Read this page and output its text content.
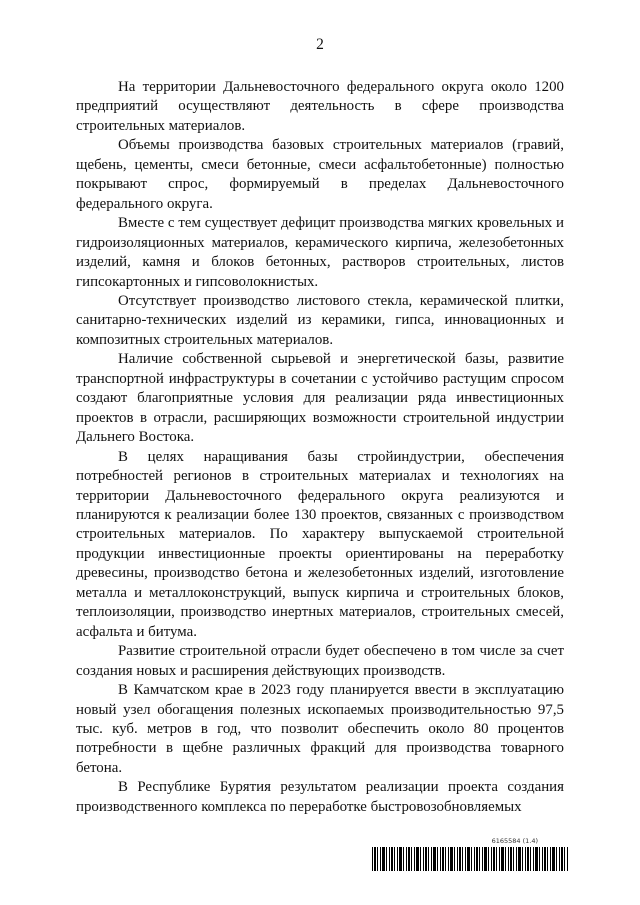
2

На территории Дальневосточного федерального округа около 1200 предприятий осуществляют деятельность в сфере производства строительных материалов.

Объемы производства базовых строительных материалов (гравий, щебень, цементы, смеси бетонные, смеси асфальтобетонные) полностью покрывают спрос, формируемый в пределах Дальневосточного федерального округа.

Вместе с тем существует дефицит производства мягких кровельных и гидроизоляционных материалов, керамического кирпича, железобетонных изделий, камня и блоков бетонных, растворов строительных, листов гипсокартонных и гипсоволокнистых.

Отсутствует производство листового стекла, керамической плитки, санитарно-технических изделий из керамики, гипса, инновационных и композитных строительных материалов.

Наличие собственной сырьевой и энергетической базы, развитие транспортной инфраструктуры в сочетании с устойчиво растущим спросом создают благоприятные условия для реализации ряда инвестиционных проектов в отрасли, расширяющих возможности строительной индустрии Дальнего Востока.

В целях наращивания базы стройиндустрии, обеспечения потребностей регионов в строительных материалах и технологиях на территории Дальневосточного федерального округа реализуются и планируются к реализации более 130 проектов, связанных с производством строительных материалов. По характеру выпускаемой строительной продукции инвестиционные проекты ориентированы на переработку древесины, производство бетона и железобетонных изделий, изготовление металла и металлоконструкций, выпуск кирпича и строительных блоков, теплоизоляции, производство инертных материалов, строительных смесей, асфальта и битума.

Развитие строительной отрасли будет обеспечено в том числе за счет создания новых и расширения действующих производств.

В Камчатском крае в 2023 году планируется ввести в эксплуатацию новый узел обогащения полезных ископаемых производительностью 97,5 тыс. куб. метров в год, что позволит обеспечить около 80 процентов потребности в щебне различных фракций для производства товарного бетона.

В Республике Бурятия результатом реализации проекта создания производственного комплекса по переработке быстровозобновляемых

6165584 (1.4)
